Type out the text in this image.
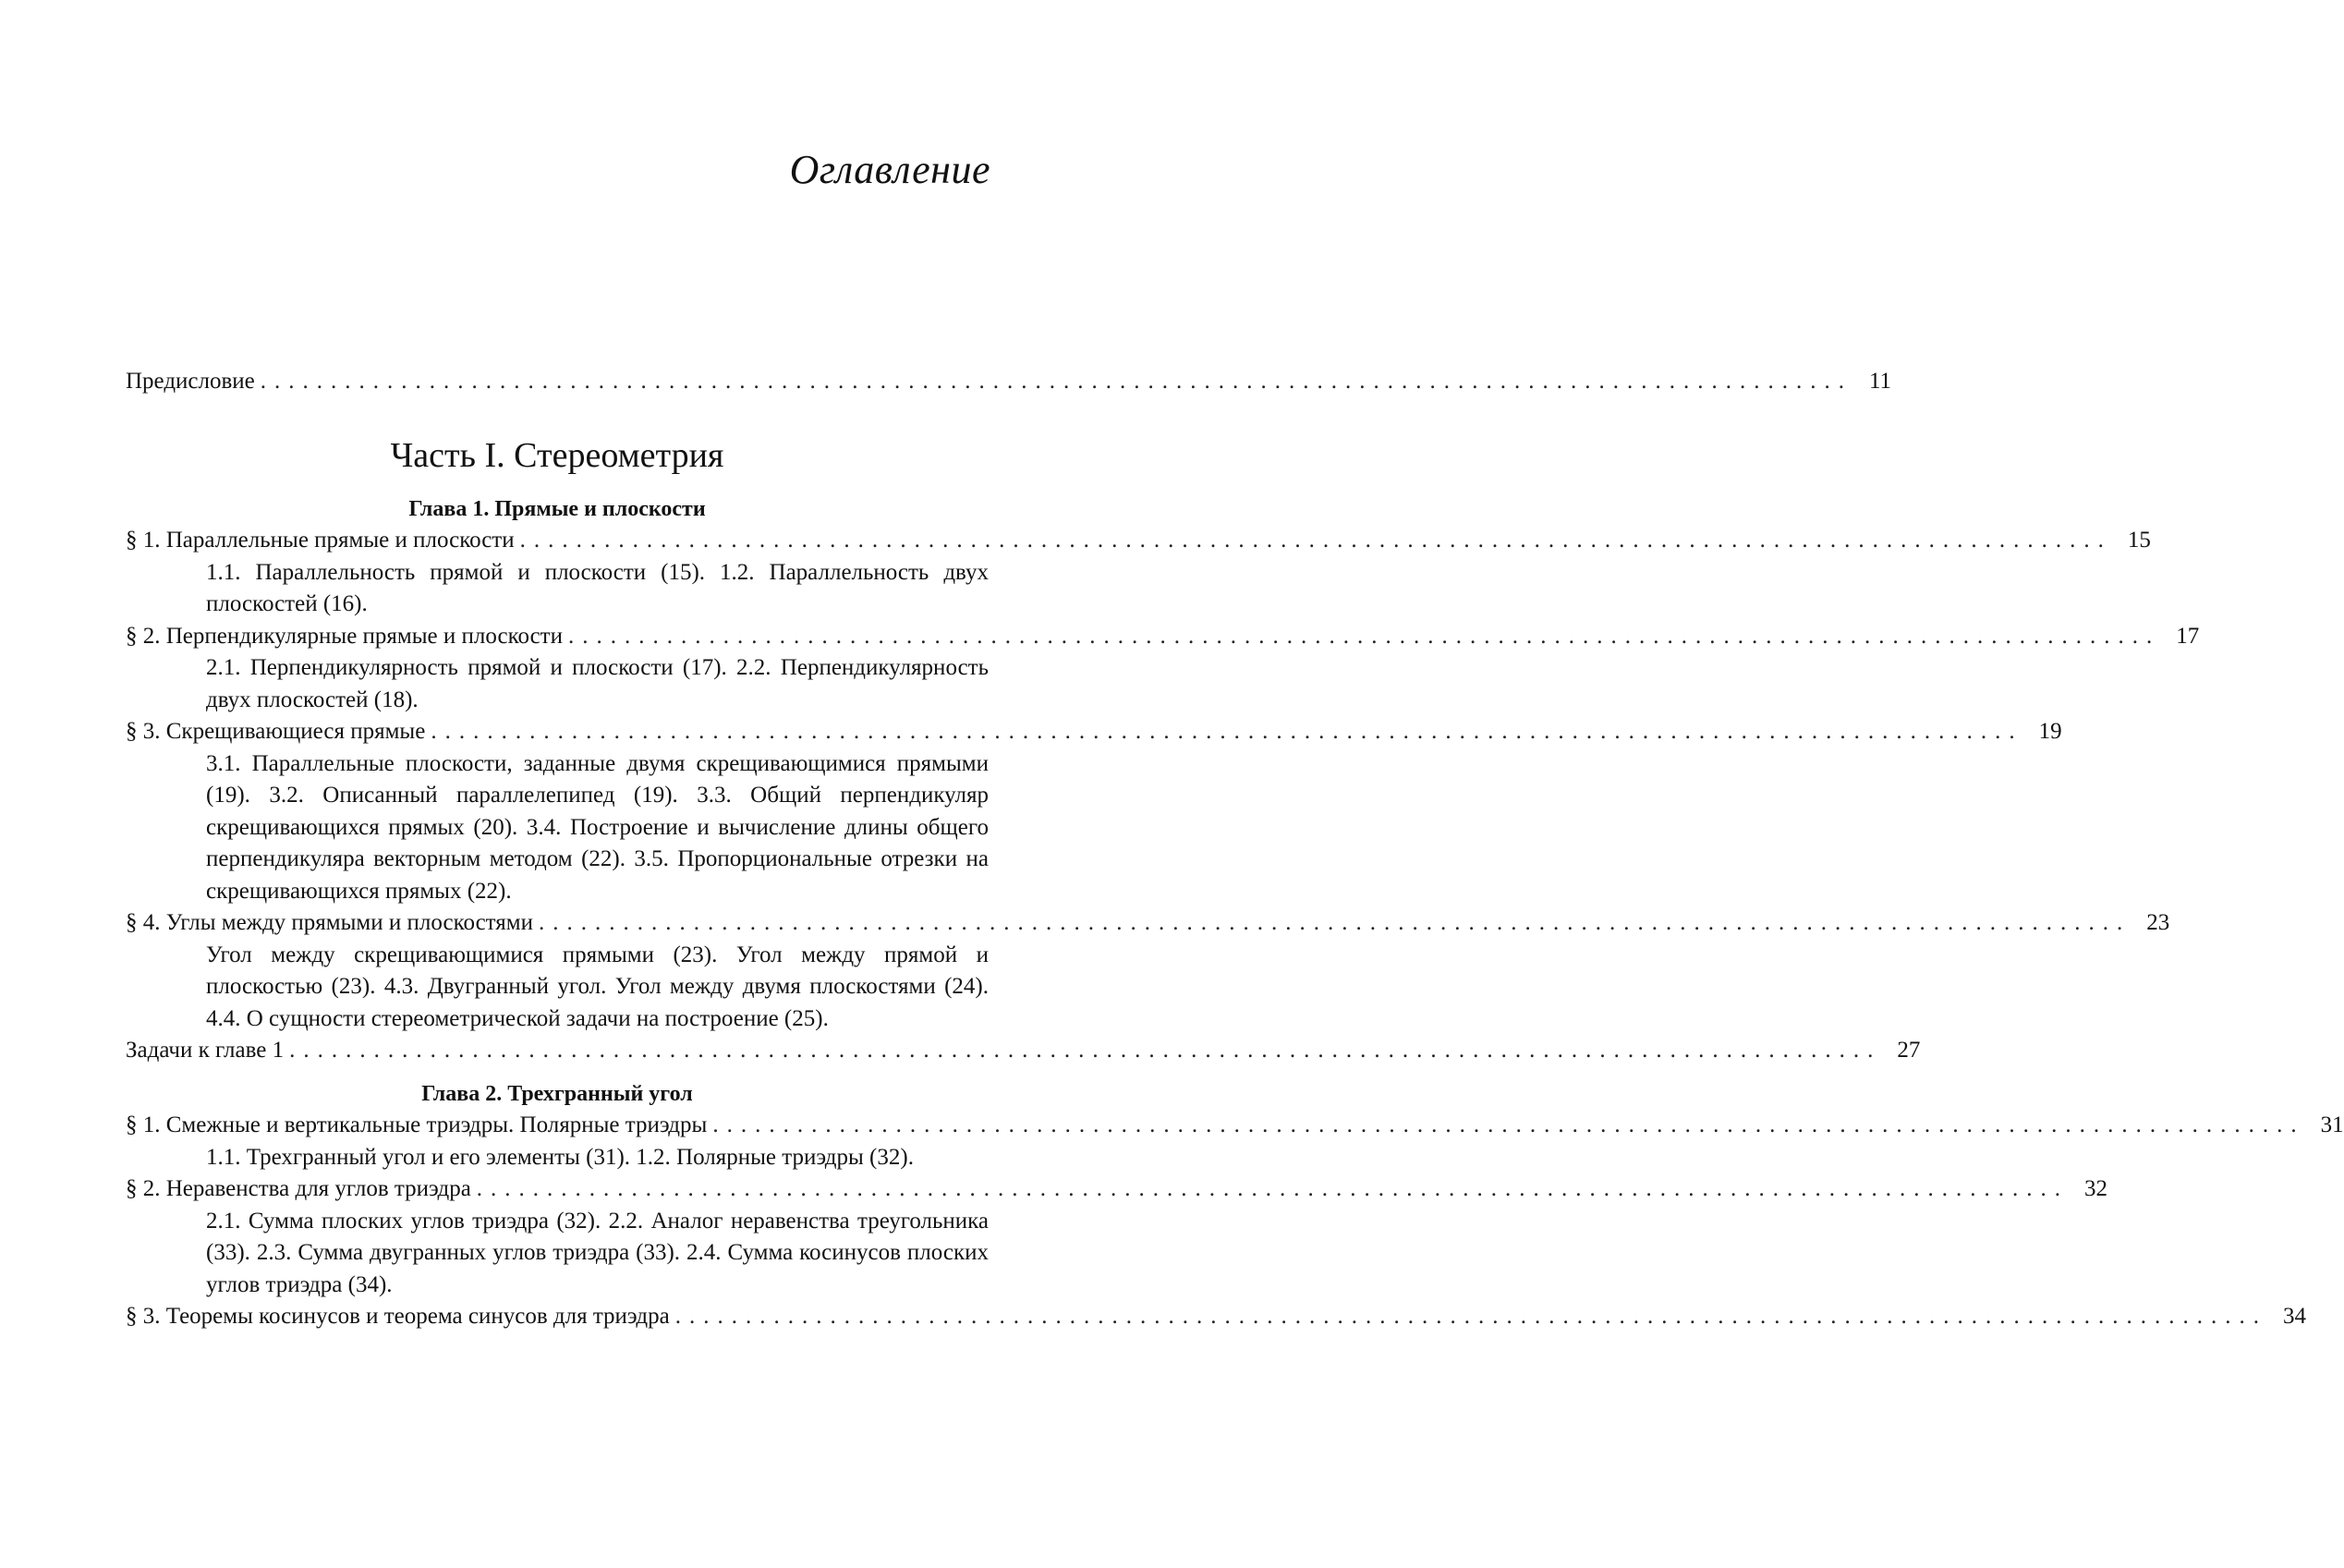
Оглавление
Предисловие ................................................................................................................. 11
Часть I. Стереометрия
Глава 1. Прямые и плоскости
§ 1. Параллельные прямые и плоскости ................................................................................................................. 15
1.1. Параллельность прямой и плоскости (15). 1.2. Параллельность двух плоскостей (16).
§ 2. Перпендикулярные прямые и плоскости ................................................................................................................. 17
2.1. Перпендикулярность прямой и плоскости (17). 2.2. Перпендикулярность двух плоскостей (18).
§ 3. Скрещивающиеся прямые ................................................................................................................. 19
3.1. Параллельные плоскости, заданные двумя скрещивающимися прямыми (19). 3.2. Описанный параллелепипед (19). 3.3. Общий перпендикуляр скрещивающихся прямых (20). 3.4. Построение и вычисление длины общего перпендикуляра векторным методом (22). 3.5. Пропорциональные отрезки на скрещивающихся прямых (22).
§ 4. Углы между прямыми и плоскостями ................................................................................................................. 23
Угол между скрещивающимися прямыми (23). Угол между прямой и плоскостью (23). 4.3. Двугранный угол. Угол между двумя плоскостями (24). 4.4. О сущности стереометрической задачи на построение (25).
Задачи к главе 1 ................................................................................................................. 27
Глава 2. Трехгранный угол
§ 1. Смежные и вертикальные триэдры. Полярные триэдры ................................................................................................................. 31
1.1. Трехгранный угол и его элементы (31). 1.2. Полярные триэдры (32).
§ 2. Неравенства для углов триэдра ................................................................................................................. 32
2.1. Сумма плоских углов триэдра (32). 2.2. Аналог неравенства треугольника (33). 2.3. Сумма двугранных углов триэдра (33). 2.4. Сумма косинусов плоских углов триэдра (34).
§ 3. Теоремы косинусов и теорема синусов для триэдра ................................................................................................................. 34
